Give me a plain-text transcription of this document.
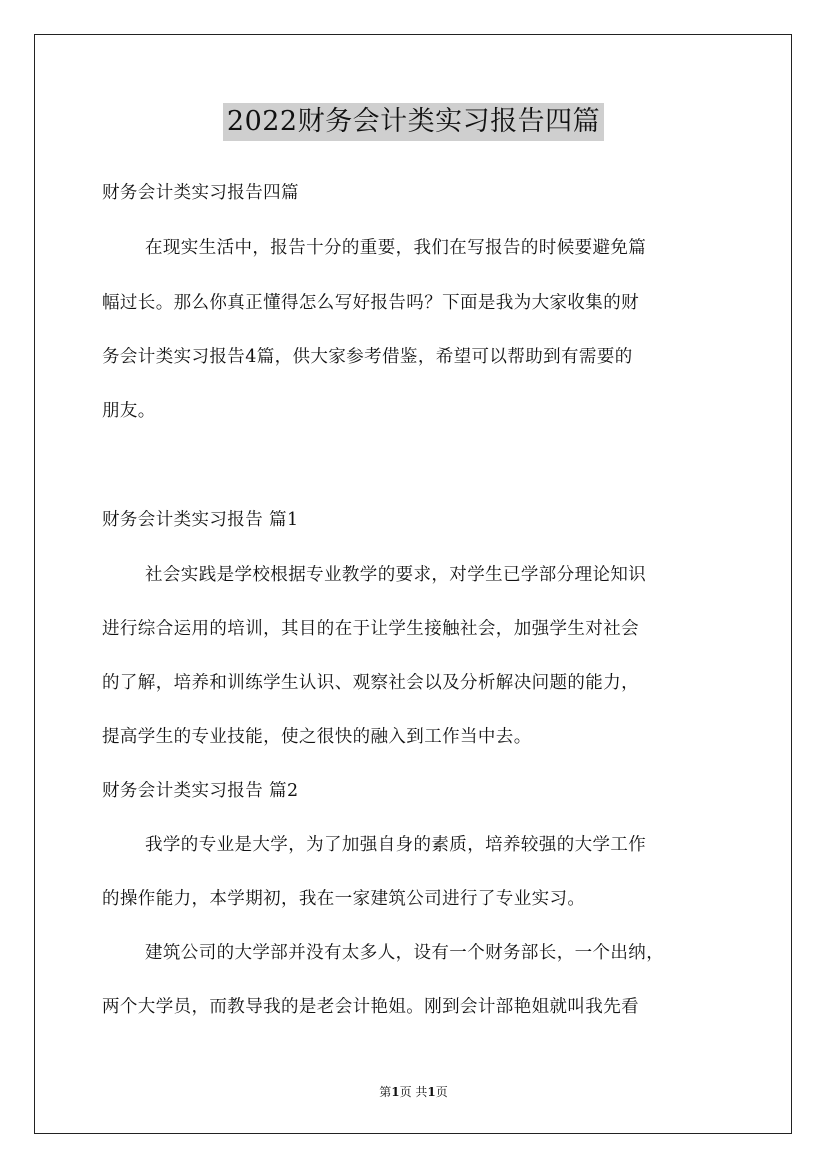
2022财务会计类实习报告四篇
财务会计类实习报告四篇
在现实生活中，报告十分的重要，我们在写报告的时候要避免篇
幅过长。那么你真正懂得怎么写好报告吗？下面是我为大家收集的财
务会计类实习报告4篇，供大家参考借鉴，希望可以帮助到有需要的
朋友。
财务会计类实习报告 篇1
社会实践是学校根据专业教学的要求，对学生已学部分理论知识
进行综合运用的培训，其目的在于让学生接触社会，加强学生对社会
的了解，培养和训练学生认识、观察社会以及分析解决问题的能力，
提高学生的专业技能，使之很快的融入到工作当中去。
财务会计类实习报告 篇2
我学的专业是大学，为了加强自身的素质，培养较强的大学工作
的操作能力，本学期初，我在一家建筑公司进行了专业实习。
建筑公司的大学部并没有太多人，设有一个财务部长，一个出纳，
两个大学员，而教导我的是老会计艳姐。刚到会计部艳姐就叫我先看
第1页 共1页
